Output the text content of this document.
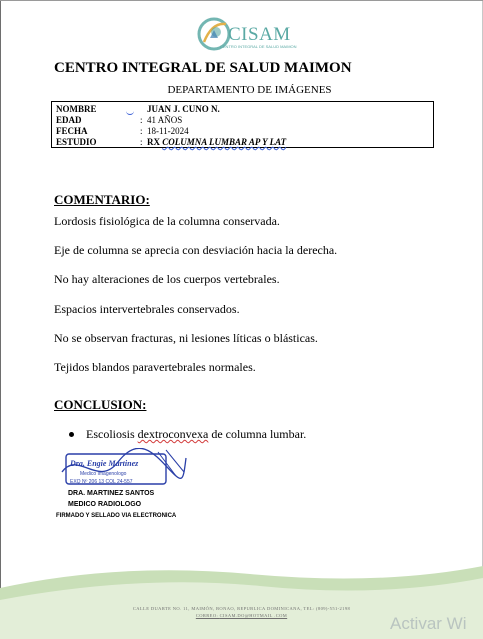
CISAM
CENTRO INTEGRAL DE SALUD MAIMON
CENTRO INTEGRAL DE SALUD MAIMON
DEPARTAMENTO DE IMÁGENES
NOMBRE	JUAN J. CUNO N.
EDAD	: 41 AÑOS
FECHA	: 18-11-2024
ESTUDIO	: RX COLUMNA LUMBAR AP Y LAT
COMENTARIO:
Lordosis fisiológica de la columna conservada.
Eje de columna se aprecia con desviación hacia la derecha.
No hay alteraciones de los cuerpos vertebrales.
Espacios intervertebrales conservados.
No se observan fracturas, ni lesiones líticas o blásticas.
Tejidos blandos paravertebrales normales.
CONCLUSION:
Escoliosis dextroconvexa de columna lumbar.
Dra. Engie Martinez
Medico Imagenologo
EXQ Nº 206 13 COL 24-557
DRA. MARTINEZ SANTOS
MEDICO RADIOLOGO
FIRMADO Y SELLADO VIA ELECTRONICA
CALLE DUARTE NO. 11, MAIMÓN, BONAO, REPUBLICA DOMINICANA, TEL: (809)-551-2198
CORREO: CISAM.DO@HOTMAIL .COM	Activar Wi
